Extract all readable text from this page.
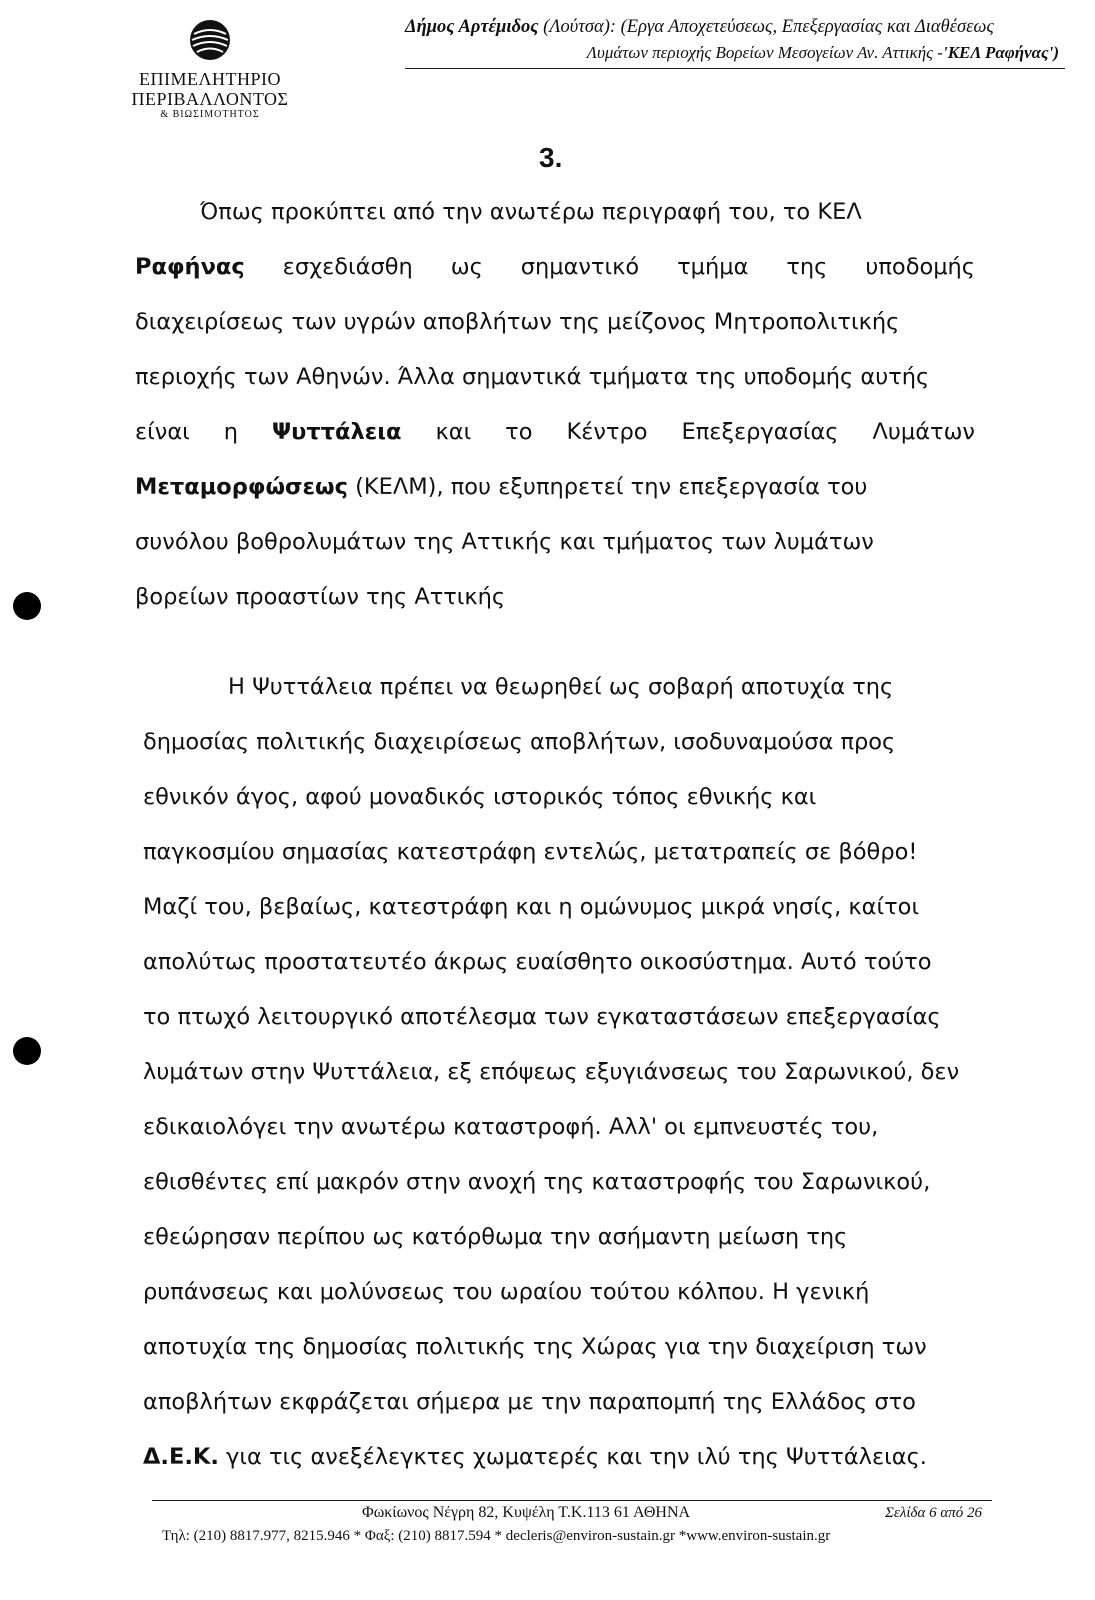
ΕΠΙΜΕΛΗΤΗΡΙΟ
ΠΕΡΙΒΑΛΛΟΝΤΟΣ
& ΒΙΩΣΙΜΟΤΗΤΟΣ
Δήμος Αρτέμιδος (Λούτσα): (Εργα Αποχετεύσεως, Επεξεργασίας και Διαθέσεως
Λυμάτων περιοχής Βορείων Μεσογείων Αν. Αττικής -'ΚΕΛ Ραφήνας')
3.
Όπως προκύπτει από την ανωτέρω περιγραφή του, το ΚΕΛ
Ραφήνας εσχεδιάσθη ως σημαντικό τμήμα της υποδομής
διαχειρίσεως των υγρών αποβλήτων της μείζονος Μητροπολιτικής
περιοχής των Αθηνών. Άλλα σημαντικά τμήματα της υποδομής αυτής
είναι η Ψυττάλεια και το Κέντρο Επεξεργασίας Λυμάτων
Μεταμορφώσεως (ΚΕΛΜ), που εξυπηρετεί την επεξεργασία του
συνόλου βοθρολυμάτων της Αττικής και τμήματος των λυμάτων
βορείων προαστίων της Αττικής
Η Ψυττάλεια πρέπει να θεωρηθεί ως σοβαρή αποτυχία της
δημοσίας πολιτικής διαχειρίσεως αποβλήτων, ισοδυναμούσα προς
εθνικόν άγος, αφού μοναδικός ιστορικός τόπος εθνικής και
παγκοσμίου σημασίας κατεστράφη εντελώς, μετατραπείς σε βόθρο!
Μαζί του, βεβαίως, κατεστράφη και η ομώνυμος μικρά νησίς, καίτοι
απολύτως προστατευτέο άκρως ευαίσθητο οικοσύστημα. Αυτό τούτο
το πτωχό λειτουργικό αποτέλεσμα των εγκαταστάσεων επεξεργασίας
λυμάτων στην Ψυττάλεια, εξ επόψεως εξυγιάνσεως του Σαρωνικού, δεν
εδικαιολόγει την ανωτέρω καταστροφή. Αλλ' οι εμπνευστές του,
εθισθέντες επί μακρόν στην ανοχή της καταστροφής του Σαρωνικού,
εθεώρησαν περίπου ως κατόρθωμα την ασήμαντη μείωση της
ρυπάνσεως και μολύνσεως του ωραίου τούτου κόλπου. Η γενική
αποτυχία της δημοσίας πολιτικής της Χώρας για την διαχείριση των
αποβλήτων εκφράζεται σήμερα με την παραπομπή της Ελλάδος στο
Δ.Ε.Κ. για τις ανεξέλεγκτες χωματερές και την ιλύ της Ψυττάλειας.
Φωκίωνος Νέγρη 82, Κυψέλη Τ.Κ.113 61 ΑΘΗΝΑ	Σελίδα 6 από 26
Τηλ: (210) 8817.977, 8215.946 * Φαξ: (210) 8817.594 * decleris@environ-sustain.gr *www.environ-sustain.gr
